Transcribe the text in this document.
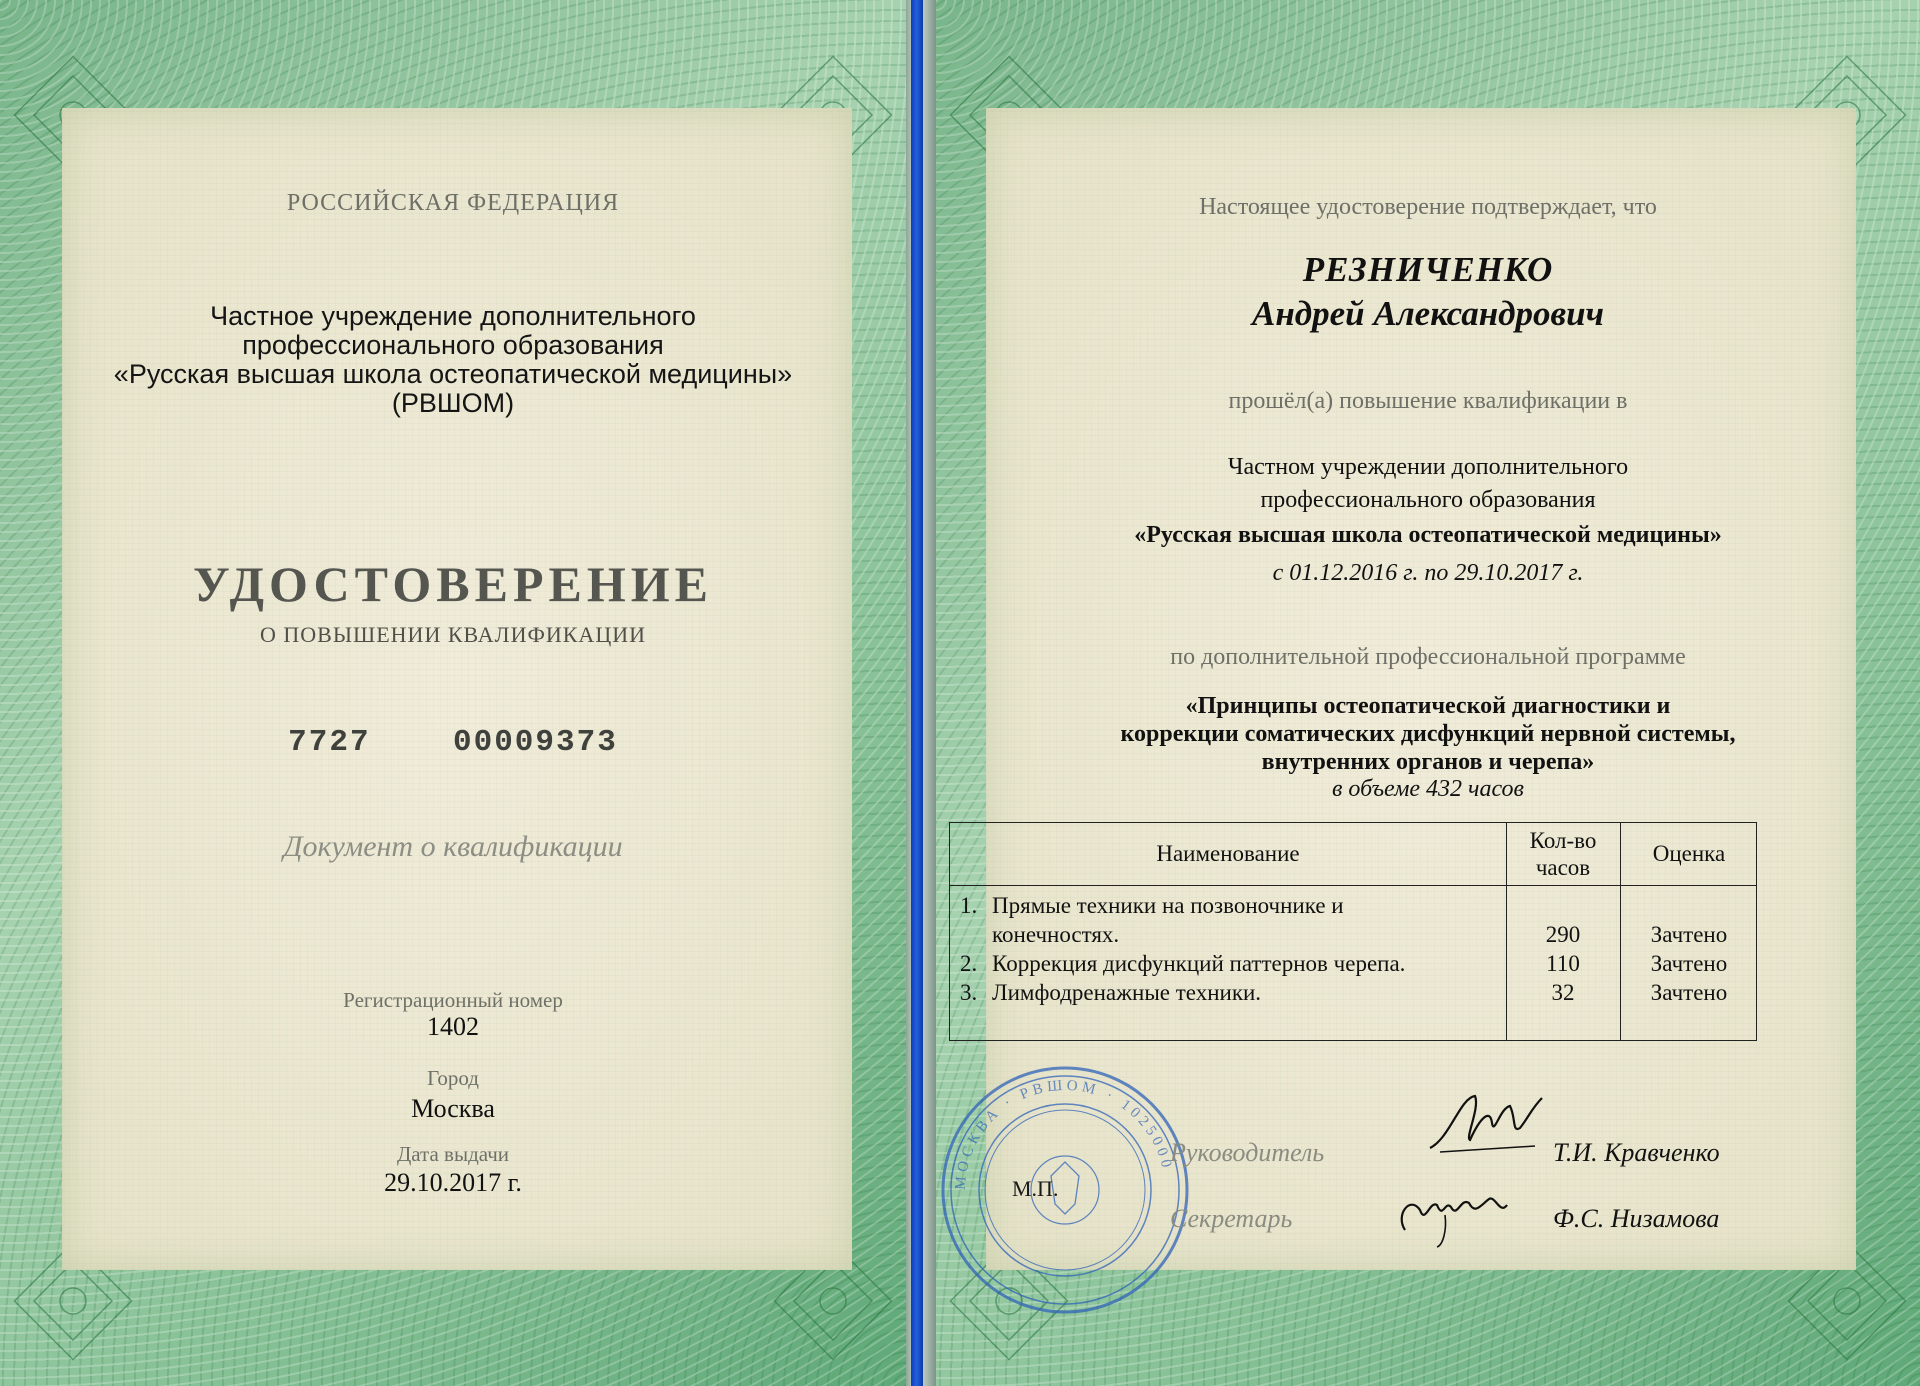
РОССИЙСКАЯ ФЕДЕРАЦИЯ
Частное учреждение дополнительного
профессионального образования
«Русская высшая школа остеопатической медицины»
(РВШОМ)
УДОСТОВЕРЕНИЕ
О ПОВЫШЕНИИ КВАЛИФИКАЦИИ
7727    00009373
Документ о квалификации
Регистрационный номер
1402
Город
Москва
Дата выдачи
29.10.2017 г.
Настоящее удостоверение подтверждает, что
РЕЗНИЧЕНКО
Андрей Александрович
прошёл(а) повышение квалификации в
Частном учреждении дополнительного
профессионального образования
«Русская высшая школа остеопатической медицины»
с 01.12.2016 г. по 29.10.2017 г.
по дополнительной профессиональной программе
«Принципы остеопатической диагностики и
коррекции соматических дисфункций нервной системы,
внутренних органов и черепа»
в объеме 432 часов
Наименование
Кол-во
часов
Оценка
1. Прямые техники на позвоночнике и
конечностях.
2. Коррекция дисфункций паттернов черепа.
3. Лимфодренажные техники.
290
110
32
Зачтено
Зачтено
Зачтено
МОСКВА · РВШОМ · 1025000
М.П.
Руководитель	Т.И. Кравченко
Секретарь	Ф.С. Низамова
